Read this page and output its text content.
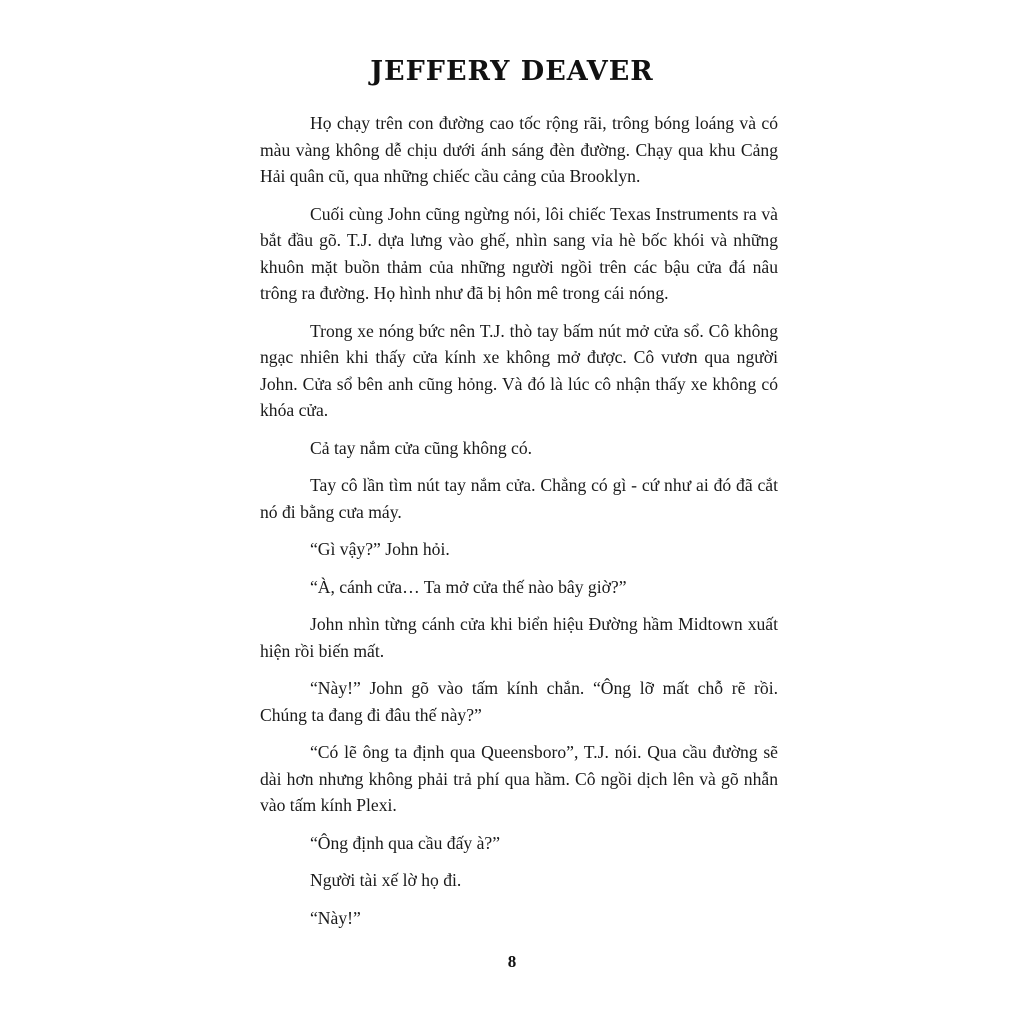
JEFFERY DEAVER

Họ chạy trên con đường cao tốc rộng rãi, trông bóng loáng và có màu vàng không dễ chịu dưới ánh sáng đèn đường. Chạy qua khu Cảng Hải quân cũ, qua những chiếc cầu cảng của Brooklyn.

Cuối cùng John cũng ngừng nói, lôi chiếc Texas Instruments ra và bắt đầu gõ. T.J. dựa lưng vào ghế, nhìn sang vỉa hè bốc khói và những khuôn mặt buồn thảm của những người ngồi trên các bậu cửa đá nâu trông ra đường. Họ hình như đã bị hôn mê trong cái nóng.

Trong xe nóng bức nên T.J. thò tay bấm nút mở cửa sổ. Cô không ngạc nhiên khi thấy cửa kính xe không mở được. Cô vươn qua người John. Cửa sổ bên anh cũng hỏng. Và đó là lúc cô nhận thấy xe không có khóa cửa.

Cả tay nắm cửa cũng không có.

Tay cô lần tìm nút tay nắm cửa. Chẳng có gì - cứ như ai đó đã cắt nó đi bằng cưa máy.

“Gì vậy?” John hỏi.

“À, cánh cửa… Ta mở cửa thế nào bây giờ?”

John nhìn từng cánh cửa khi biển hiệu Đường hầm Midtown xuất hiện rồi biến mất.

“Này!” John gõ vào tấm kính chắn. “Ông lỡ mất chỗ rẽ rồi. Chúng ta đang đi đâu thế này?”

“Có lẽ ông ta định qua Queensboro”, T.J. nói. Qua cầu đường sẽ dài hơn nhưng không phải trả phí qua hầm. Cô ngồi dịch lên và gõ nhẫn vào tấm kính Plexi.

“Ông định qua cầu đấy à?”

Người tài xế lờ họ đi.

“Này!”

8
